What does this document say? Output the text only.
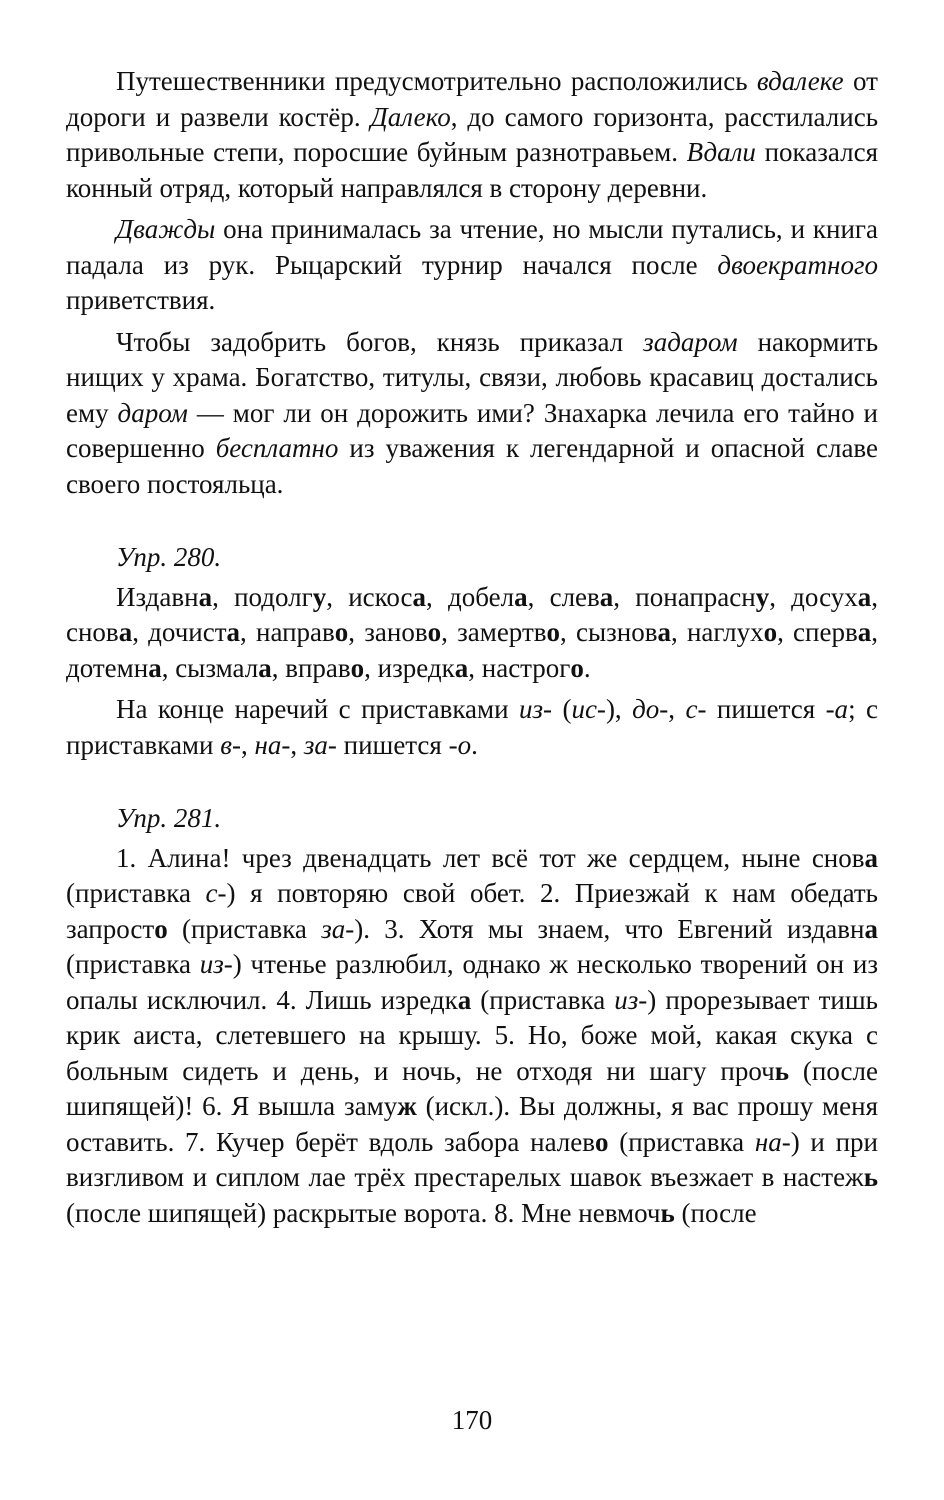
Путешественники предусмотрительно расположились вдалеке от дороги и развели костёр. Далеко, до самого горизонта, расстилались привольные степи, поросшие буйным разнотравьем. Вдали показался конный отряд, который направлялся в сторону деревни.

Дважды она принималась за чтение, но мысли путались, и книга падала из рук. Рыцарский турнир начался после двоекратного приветствия.

Чтобы задобрить богов, князь приказал задаром накормить нищих у храма. Богатство, титулы, связи, любовь красавиц достались ему даром — мог ли он дорожить ими? Знахарка лечила его тайно и совершенно бесплатно из уважения к легендарной и опасной славе своего постояльца.

Упр. 280.

Издавна, подолгу, искоса, добела, слева, понапрасну, досуха, снова, дочиста, направо, заново, замертво, сызнова, наглухо, сперва, дотемна, сызмала, вправо, изредка, настрого.

На конце наречий с приставками из- (ис-), до-, с- пишется -а; с приставками в-, на-, за- пишется -о.

Упр. 281.

1. Алина! чрез двенадцать лет всё тот же сердцем, ныне снова (приставка с-) я повторяю свой обет. 2. Приезжай к нам обедать запросто (приставка за-). 3. Хотя мы знаем, что Евгений издавна (приставка из-) чтенье разлюбил, однако ж несколько творений он из опалы исключил. 4. Лишь изредка (приставка из-) прорезывает тишь крик аиста, слетевшего на крышу. 5. Но, боже мой, какая скука с больным сидеть и день, и ночь, не отходя ни шагу прочь (после шипящей)! 6. Я вышла замуж (искл.). Вы должны, я вас прошу меня оставить. 7. Кучер берёт вдоль забора налево (приставка на-) и при визгливом и сиплом лае трёх престарелых шавок въезжает в настежь (после шипящей) раскрытые ворота. 8. Мне невмочь (после

170
